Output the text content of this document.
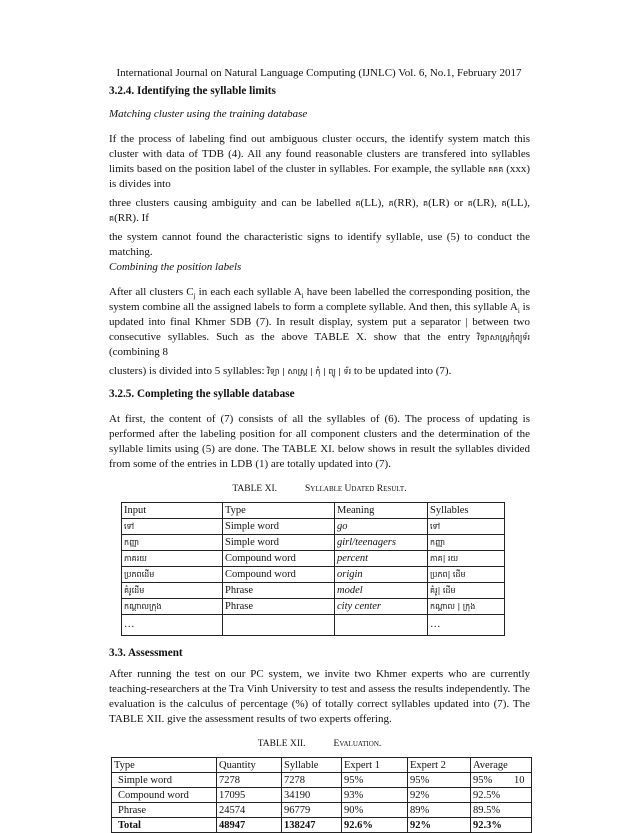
International Journal on Natural Language Computing (IJNLC) Vol. 6, No.1, February 2017
3.2.4. Identifying the syllable limits

Matching cluster using the training database

If the process of labeling find out ambiguous cluster occurs, the identify system match this cluster with data of TDB (4). All any found reasonable clusters are transfered into syllables limits based on the position label of the cluster in syllables. For example, the syllable គគគ (xxx) is divides into

three clusters causing ambiguity and can be labelled គ(LL), គ(RR), គ(LR) or គ(LR), គ(LL), គ(RR). If

the system cannot found the characteristic signs to identify syllable, use (5) to conduct the matching.

Combining the position labels

After all clusters $C_j$ in each each syllable $A_i$ have been labelled the corresponding position, the system combine all the assigned labels to form a complete syllable. And then, this syllable $A_i$ is updated into final Khmer SDB (7). In result display, system put a separator | between two consecutive syllables. Such as the above TABLE X. show that the entry វិទ្យាសាស្ត្រកុំព្យូទ័រ (combining 8

clusters) is divided into 5 syllables: វិទ្យា | សាស្ត្រ | កុំ | ព្យូ | ទ័រ to be updated into (7).

3.2.5. Completing the syllable database

At first, the content of (7) consists of all the syllables of (6). The process of updating is performed after the labeling position for all component clusters and the determination of the syllable limits using (5) are done. The TABLE XI. below shows in result the syllables divided from some of the entries in LDB (1) are totally updated into (7).

TABLE XI.	Syllable Udated Result.
Input	Type	Meaning	Syllables
ទៅ	Simple word	go	ទៅ
កញ្ញា	Simple word	girl/teenagers	កញ្ញា
ភាគរយ	Compound word	percent	ភាគ| រយ
ប្រភពដើម	Compound word	origin	ប្រភព| ដើម
គំរូដើម	Phrase	model	គំរូ| ដើម
កណ្តាលក្រុង	Phrase	city center	កណ្តាល | ក្រុង
…			…
3.3. Assessment

After running the test on our PC system, we invite two Khmer experts who are currently teaching-researchers at the Tra Vinh University to test and assess the results independently. The evaluation is the calculus of percentage (%) of totally correct syllables updated into (7). The TABLE XII. give the assessment results of two experts offering.

TABLE XII.	Evaluation.
Type	Quantity	Syllable	Expert 1	Expert 2	Average
Simple word	7278	7278	95%	95%	95%
Compound word	17095	34190	93%	92%	92.5%
Phrase	24574	96779	90%	89%	89.5%
Total	48947	138247	92.6%	92%	92.3%
10
